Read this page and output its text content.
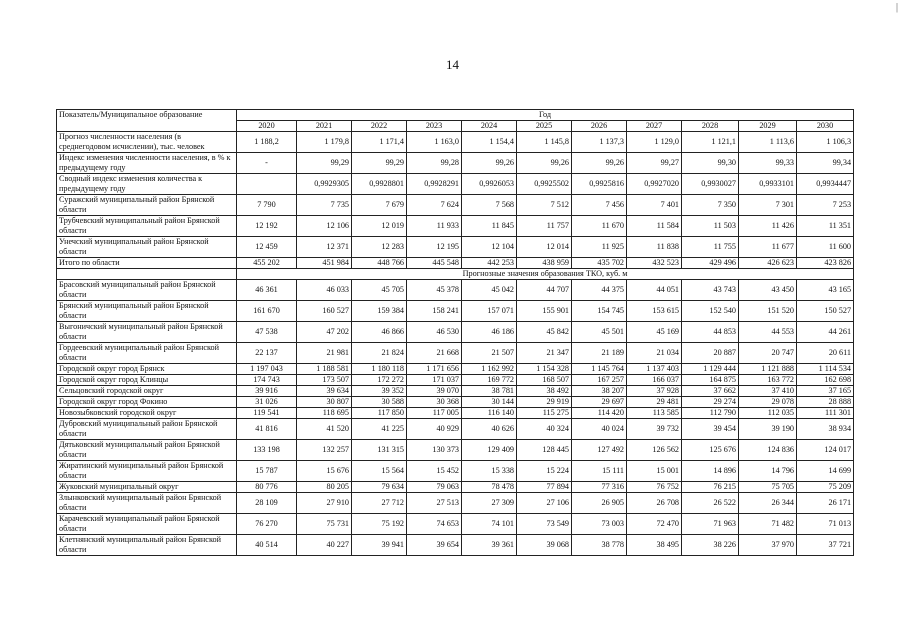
|
14
Показатель/Муниципальное образование	Год										
	2020	2021	2022	2023	2024	2025	2026	2027	2028	2029	2030
Прогноз численности населения (в среднегодовом исчислении), тыс. человек	1 188,2	1 179,8	1 171,4	1 163,0	1 154,4	1 145,8	1 137,3	1 129,0	1 121,1	1 113,6	1 106,3
Индекс изменения численности населения, в % к предыдущему году	-	99,29	99,29	99,28	99,26	99,26	99,26	99,27	99,30	99,33	99,34
Сводный индекс изменения количества к предыдущему году		0,9929305	0,9928801	0,9928291	0,9926053	0,9925502	0,9925816	0,9927020	0,9930027	0,9933101	0,9934447
Суражский муниципальный район Брянской области	7 790	7 735	7 679	7 624	7 568	7 512	7 456	7 401	7 350	7 301	7 253
Трубчевский муниципальный район Брянской области	12 192	12 106	12 019	11 933	11 845	11 757	11 670	11 584	11 503	11 426	11 351
Унечский муниципальный район Брянской области	12 459	12 371	12 283	12 195	12 104	12 014	11 925	11 838	11 755	11 677	11 600
Итого по области	455 202	451 984	448 766	445 548	442 253	438 959	435 702	432 523	429 496	426 623	423 826
	Прогнозные значения образования ТКО, куб. м										
Брасовский муниципальный район Брянской области	46 361	46 033	45 705	45 378	45 042	44 707	44 375	44 051	43 743	43 450	43 165
Брянский муниципальный район Брянской области	161 670	160 527	159 384	158 241	157 071	155 901	154 745	153 615	152 540	151 520	150 527
Выгоничский муниципальный район Брянской области	47 538	47 202	46 866	46 530	46 186	45 842	45 501	45 169	44 853	44 553	44 261
Гордеевский муниципальный район Брянской области	22 137	21 981	21 824	21 668	21 507	21 347	21 189	21 034	20 887	20 747	20 611
Городской округ город Брянск	1 197 043	1 188 581	1 180 118	1 171 656	1 162 992	1 154 328	1 145 764	1 137 403	1 129 444	1 121 888	1 114 534
Городской округ город Клинцы	174 743	173 507	172 272	171 037	169 772	168 507	167 257	166 037	164 875	163 772	162 698
Сельцовский городской округ	39 916	39 634	39 352	39 070	38 781	38 492	38 207	37 928	37 662	37 410	37 165
Городской округ город Фокино	31 026	30 807	30 588	30 368	30 144	29 919	29 697	29 481	29 274	29 078	28 888
Новозыбковский городской округ	119 541	118 695	117 850	117 005	116 140	115 275	114 420	113 585	112 790	112 035	111 301
Дубровский муниципальный район Брянской области	41 816	41 520	41 225	40 929	40 626	40 324	40 024	39 732	39 454	39 190	38 934
Дятьковский муниципальный район Брянской области	133 198	132 257	131 315	130 373	129 409	128 445	127 492	126 562	125 676	124 836	124 017
Жиратинский муниципальный район Брянской области	15 787	15 676	15 564	15 452	15 338	15 224	15 111	15 001	14 896	14 796	14 699
Жуковский муниципальный округ	80 776	80 205	79 634	79 063	78 478	77 894	77 316	76 752	76 215	75 705	75 209
Злынковский муниципальный район Брянской области	28 109	27 910	27 712	27 513	27 309	27 106	26 905	26 708	26 522	26 344	26 171
Карачевский муниципальный район Брянской области	76 270	75 731	75 192	74 653	74 101	73 549	73 003	72 470	71 963	71 482	71 013
Клетнянский муниципальный район Брянской области	40 514	40 227	39 941	39 654	39 361	39 068	38 778	38 495	38 226	37 970	37 721
